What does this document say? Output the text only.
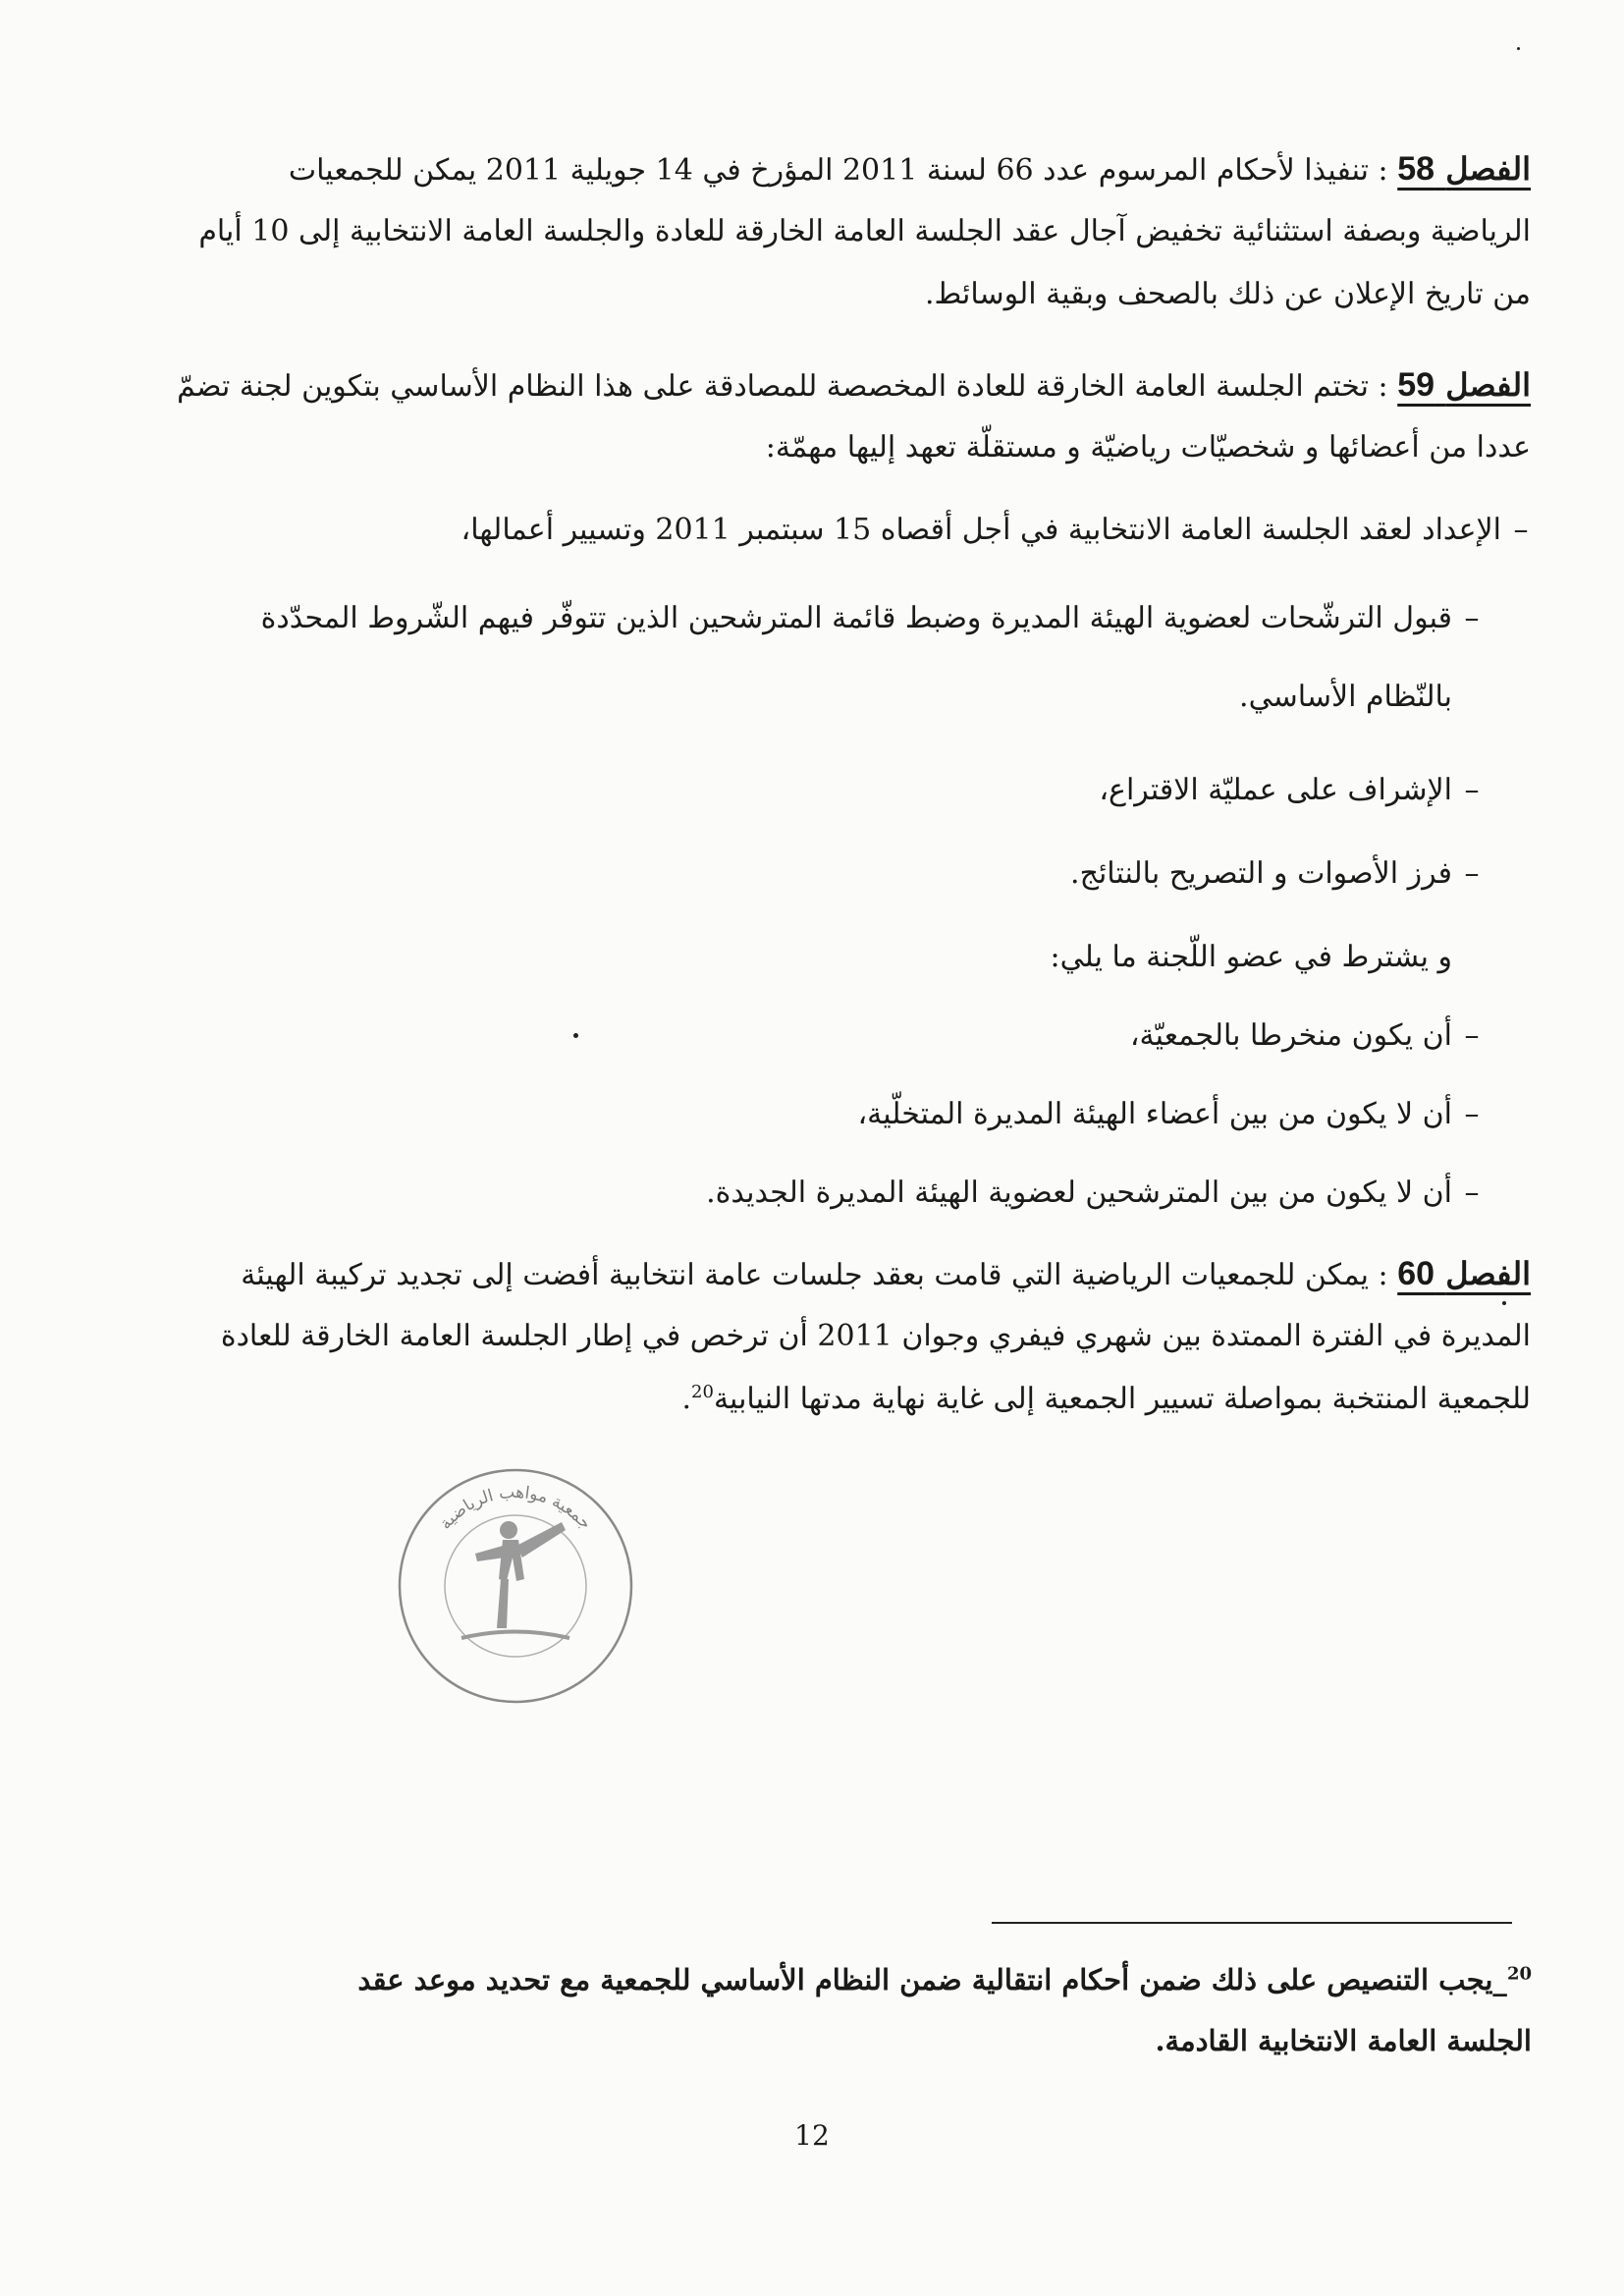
الفصل 58 : تنفيذا لأحكام المرسوم عدد 66 لسنة 2011 المؤرخ في 14 جويلية 2011 يمكن للجمعيات
الرياضية وبصفة استثنائية تخفيض آجال عقد الجلسة العامة الخارقة للعادة والجلسة العامة الانتخابية إلى 10 أيام
من تاريخ الإعلان عن ذلك بالصحف وبقية الوسائط.
الفصل 59 : تختم الجلسة العامة الخارقة للعادة المخصصة للمصادقة على هذا النظام الأساسي بتكوين لجنة تضمّ
عددا من أعضائها و شخصيّات رياضيّة و مستقلّة تعهد إليها مهمّة:
–الإعداد لعقد الجلسة العامة الانتخابية في أجل أقصاه 15 سبتمبر 2011 وتسيير أعمالها،
–قبول الترشّحات لعضوية الهيئة المديرة وضبط قائمة المترشحين الذين تتوفّر فيهم الشّروط المحدّدة
بالنّظام الأساسي.
–الإشراف على عمليّة الاقتراع،
–فرز الأصوات و التصريح بالنتائج.
و يشترط في عضو اللّجنة ما يلي:
–أن يكون منخرطا بالجمعيّة،
–أن لا يكون من بين أعضاء الهيئة المديرة المتخلّية،
–أن لا يكون من بين المترشحين لعضوية الهيئة المديرة الجديدة.
الفصل 60 : يمكن للجمعيات الرياضية التي قامت بعقد جلسات عامة انتخابية أفضت إلى تجديد تركيبة الهيئة
المديرة في الفترة الممتدة بين شهري فيفري وجوان 2011 أن ترخص في إطار الجلسة العامة الخارقة للعادة
للجمعية المنتخبة بمواصلة تسيير الجمعية إلى غاية نهاية مدتها النيابية$^{20}$.
جمعية مواهب الرياضية
$^{20}$_يجب التنصيص على ذلك ضمن أحكام انتقالية ضمن النظام الأساسي للجمعية مع تحديد موعد عقد
الجلسة العامة الانتخابية القادمة.
12
